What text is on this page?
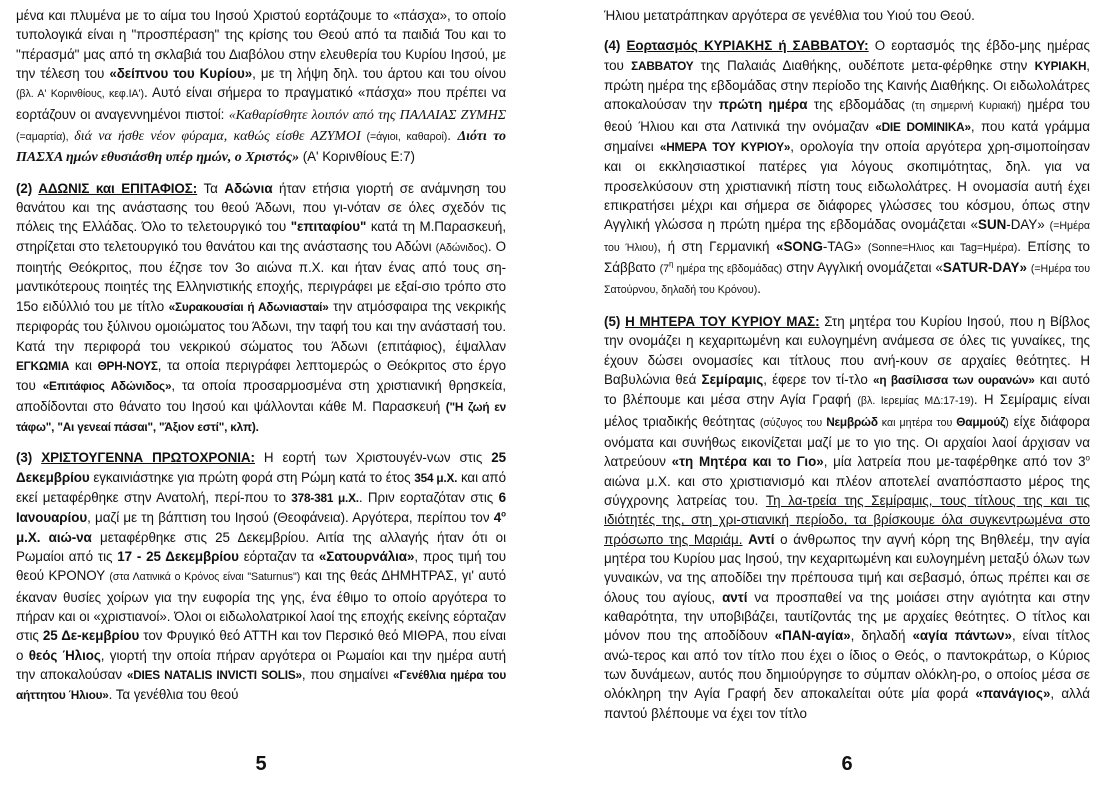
μένα και πλυμένα με το αίμα του Ιησού Χριστού εορτάζουμε το «πάσχα», το οποίο τυπολογικά είναι η "προσπέραση" της κρίσης του Θεού από τα παιδιά Του και το "πέρασμά" μας από τη σκλαβιά του Διαβόλου στην ελευθερία του Κυρίου Ιησού, με την τέλεση του «δείπνου του Κυρίου», με τη λήψη δηλ. του άρτου και του οίνου (βλ. Α' Κορινθίους, κεφ.ΙΑ'). Αυτό είναι σήμερα το πραγματικό «πάσχα» που πρέπει να εορτάζουν οι αναγεννημένοι πιστοί: «Καθαρίσθητε λοιπόν από της ΠΑΛΑΙΑΣ ΖΥΜΗΣ (=αμαρτία), διά να ήσθε νέον φύραμα, καθώς είσθε ΑΖΥΜΟΙ (=άγιοι, καθαροί). Διότι το ΠΑΣΧΑ ημών εθυσιάσθη υπέρ ημών, ο Χριστός» (Α' Κορινθίους Ε:7)

(2) ΑΔΩΝΙΣ και ΕΠΙΤΑΦΙΟΣ: Τα Αδώνια ήταν ετήσια γιορτή σε ανάμνηση του θανάτου και της ανάστασης του θεού Άδωνι, που γι-νόταν σε όλες σχεδόν τις πόλεις της Ελλάδας. Όλο το τελετουργικό του "επιταφίου" κατά τη Μ.Παρασκευή, στηρίζεται στο τελετουργικό του θανάτου και της ανάστασης του Αδώνι (Αδώνιδος). Ο ποιητής Θεόκριτος, που έζησε τον 3ο αιώνα π.Χ. και ήταν ένας από τους ση-μαντικότερους ποιητές της Ελληνιστικής εποχής, περιγράφει με εξαί-σιο τρόπο στο 15ο ειδύλλιό του με τίτλο «Συρακουσίαι ή Αδωνιασταί» την ατμόσφαιρα της νεκρικής περιφοράς του ξύλινου ομοιώματος του Άδωνι, την ταφή του και την ανάστασή του. Κατά την περιφορά του νεκρικού σώματος του Άδωνι (επιτάφιος), έψαλλαν ΕΓΚΩΜΙΑ και ΘΡΗ-ΝΟΥΣ, τα οποία περιγράφει λεπτομερώς ο Θεόκριτος στο έργο του «Επιτάφιος Αδώνιδος», τα οποία προσαρμοσμένα στη χριστιανική θρησκεία, αποδίδονται στο θάνατο του Ιησού και ψάλλονται κάθε Μ. Παρασκευή ("Η ζωή εν τάφω", "Αι γενεαί πάσαι", "Άξιον εστί", κλπ).

(3) ΧΡΙΣΤΟΥΓΕΝΝΑ ΠΡΩΤΟΧΡΟΝΙΑ: Η εορτή των Χριστουγέν-νων στις 25 Δεκεμβρίου εγκαινιάστηκε για πρώτη φορά στη Ρώμη κατά το έτος 354 μ.Χ. και από εκεί μεταφέρθηκε στην Ανατολή, περί-που το 378-381 μ.Χ.. Πριν εορταζόταν στις 6 Ιανουαρίου, μαζί με τη βάπτιση του Ιησού (Θεοφάνεια). Αργότερα, περίπου τον $4^o$ μ.Χ. αιώ-να μεταφέρθηκε στις 25 Δεκεμβρίου. Αιτία της αλλαγής ήταν ότι οι Ρωμαίοι από τις 17 - 25 Δεκεμβρίου εόρταζαν τα «Σατουρνάλια», προς τιμή του θεού ΚΡΟΝΟΥ (στα Λατινικά ο Κρόνος είναι "Saturnus") και της θεάς ΔΗΜΗΤΡΑΣ, γι' αυτό έκαναν θυσίες χοίρων για την ευφορία της γης, ένα έθιμο το οποίο αργότερα το πήραν και οι «χριστιανοί». Όλοι οι ειδωλολατρικοί λαοί της εποχής εκείνης εόρταζαν στις 25 Δε-κεμβρίου τον Φρυγικό θεό ΑΤΤΗ και τον Περσικό θεό ΜΙΘΡΑ, που είναι ο θεός Ήλιος, γιορτή την οποία πήραν αργότερα οι Ρωμαίοι και την ημέρα αυτή την αποκαλούσαν «DIES NATALIS INVICTI SOLIS», που σημαίνει «Γενέθλια ημέρα του αήττητου Ήλιου». Τα γενέθλια του θεού

5

Ήλιου μετατράπηκαν αργότερα σε γενέθλια του Υιού του Θεού.

(4) Εορτασμός ΚΥΡΙΑΚΗΣ ή ΣΑΒΒΑΤΟΥ: Ο εορτασμός της έβδο-μης ημέρας του ΣΑΒΒΑΤΟΥ της Παλαιάς Διαθήκης, ουδέποτε μετα-φέρθηκε στην ΚΥΡΙΑΚΗ, πρώτη ημέρα της εβδομάδας στην περίοδο της Καινής Διαθήκης. Οι ειδωλολάτρες αποκαλούσαν την πρώτη ημέρα της εβδομάδας (τη σημερινή Κυριακή) ημέρα του θεού Ήλιου και στα Λατινικά την ονόμαζαν «DIE DOMINIKA», που κατά γράμμα σημαίνει «ΗΜΕΡΑ ΤΟΥ ΚΥΡΙΟΥ», ορολογία την οποία αργότερα χρη-σιμοποίησαν και οι εκκλησιαστικοί πατέρες για λόγους σκοπιμότητας, δηλ. για να προσελκύσουν στη χριστιανική πίστη τους ειδωλολάτρες. Η ονομασία αυτή έχει επικρατήσει μέχρι και σήμερα σε διάφορες γλώσσες του κόσμου, όπως στην Αγγλική γλώσσα η πρώτη ημέρα της εβδομάδας ονομάζεται «SUN-DAY» (=Ημέρα του Ήλιου), ή στη Γερμανική «SONG-TAG» (Sonne=Ηλιος και Tag=Ημέρα). Επίσης το Σάββατο ($7^\eta$ ημέρα της εβδομάδας) στην Αγγλική ονομάζεται «SATUR-DAY» (=Ημέρα του Σατούρνου, δηλαδή του Κρόνου).

(5) Η ΜΗΤΕΡΑ ΤΟΥ ΚΥΡΙΟΥ ΜΑΣ: Στη μητέρα του Κυρίου Ιησού, που η Βίβλος την ονομάζει η κεχαριτωμένη και ευλογημένη ανάμεσα σε όλες τις γυναίκες, της έχουν δώσει ονομασίες και τίτλους που ανή-κουν σε αρχαίες θεότητες. Η Βαβυλώνια θεά Σεμίραμις, έφερε τον τί-τλο «η βασίλισσα των ουρανών» και αυτό το βλέπουμε και μέσα στην Αγία Γραφή (βλ. Ιερεμίας ΜΔ:17-19). Η Σεμίραμις είναι μέλος τριαδικής θεότητας (σύζυγος του Νεμβρώδ και μητέρα του Θαμμούζ) είχε διάφορα ονόματα και συνήθως εικονίζεται μαζί με το γιο της. Οι αρχαίοι λαοί άρχισαν να λατρεύουν «τη Μητέρα και το Γιο», μία λατρεία που με-ταφέρθηκε από τον $3^o$ αιώνα μ.Χ. και στο χριστιανισμό και πλέον αποτελεί αναπόσπαστο μέρος της σύγχρονης λατρείας του. Τη λα-τρεία της Σεμίραμις, τους τίτλους της και τις ιδιότητές της, στη χρι-στιανική περίοδο, τα βρίσκουμε όλα συγκεντρωμένα στο πρόσωπο της Μαριάμ. Αντί ο άνθρωπος την αγνή κόρη της Βηθλεέμ, την αγία μητέρα του Κυρίου μας Ιησού, την κεχαριτωμένη και ευλογημένη μεταξύ όλων των γυναικών, να της αποδίδει την πρέπουσα τιμή και σεβασμό, όπως πρέπει και σε όλους του αγίους, αντί να προσπαθεί να της μοιάσει στην αγιότητα και στην καθαρότητα, την υποβιβάζει, ταυτίζοντάς της με αρχαίες θεότητες. Ο τίτλος και μόνον που της αποδίδουν «ΠΑΝ-αγία», δηλαδή «αγία πάντων», είναι τίτλος ανώ-τερος και από τον τίτλο που έχει ο ίδιος ο Θεός, ο παντοκράτωρ, ο Κύριος των δυνάμεων, αυτός που δημιούργησε το σύμπαν ολόκλη-ρο, ο οποίος μέσα σε ολόκληρη την Αγία Γραφή δεν αποκαλείται ούτε μία φορά «πανάγιος», αλλά παντού βλέπουμε να έχει τον τίτλο

6
